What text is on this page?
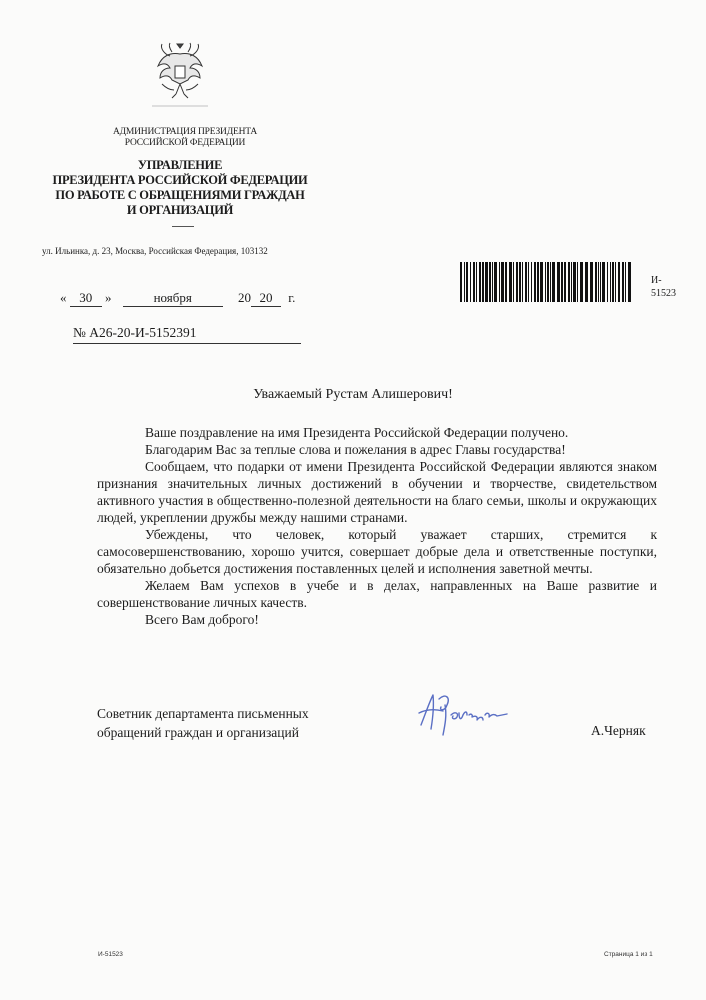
АДМИНИСТРАЦИЯ ПРЕЗИДЕНТА
РОССИЙСКОЙ ФЕДЕРАЦИИ
УПРАВЛЕНИЕ
ПРЕЗИДЕНТА РОССИЙСКОЙ ФЕДЕРАЦИИ
ПО РАБОТЕ С ОБРАЩЕНИЯМИ ГРАЖДАН
И ОРГАНИЗАЦИЙ
ул. Ильинка, д. 23, Москва, Российская Федерация, 103132
И-
51523
« 30 »	ноября	20 20 г.
№ А26-20-И-5152391
Уважаемый Рустам Алишерович!

Ваше поздравление на имя Президента Российской Федерации получено.

Благодарим Вас за теплые слова и пожелания в адрес Главы государства!

Сообщаем, что подарки от имени Президента Российской Федерации являются знаком признания значительных личных достижений в обучении и творчестве, свидетельством активного участия в общественно-полезной деятельности на благо семьи, школы и окружающих людей, укреплении дружбы между нашими странами.

Убеждены, что человек, который уважает старших, стремится к самосовершенствованию, хорошо учится, совершает добрые дела и ответственные поступки, обязательно добьется достижения поставленных целей и исполнения заветной мечты.

Желаем Вам успехов в учебе и в делах, направленных на Ваше развитие и совершенствование личных качеств.

Всего Вам доброго!

Советник департамента письменных
обращений граждан и организаций	А.Черняк
И-51523	Страница 1 из 1
